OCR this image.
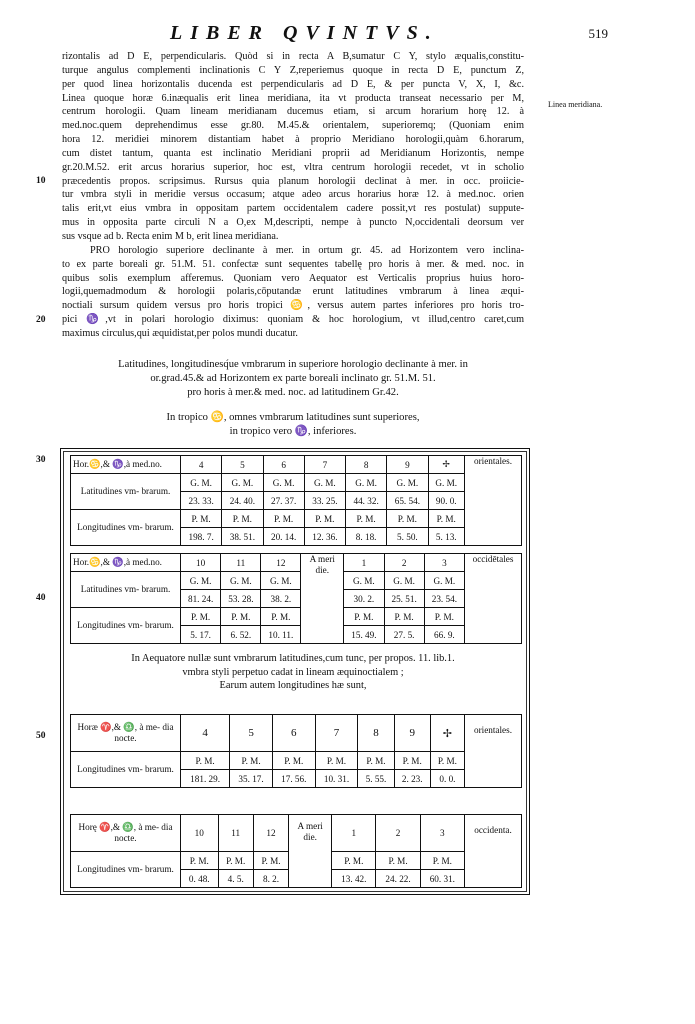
LIBER QVINTVS.	519
rizontalis ad D E, perpendicularis. Quòd si in recta A B,sumatur C Y, stylo æqualis,constitu-
turque angulus complementi inclinationis C Y Z,reperiemus quoque in recta D E, punctum Z,
per quod linea horizontalis ducenda est perpendicularis ad D E, & per puncta V, X, I, &c.
Linea quoque horæ 6.inæqualis erit linea meridiana, ita vt producta transeat necessario per M,
centrum horologii. Quam lineam meridianam ducemus etiam, si arcum horarium horę 12. à
med.noc.quem deprehendimus esse gr.80. M.45.& orientalem, superioremq; (Quoniam enim
hora 12. meridiei minorem distantiam habet à proprio Meridiano horologii,quàm 6.horarum,
cum distet tantum, quanta est inclinatio Meridiani proprii ad Meridianum Horizontis, nempe
gr.20.M.52. erit arcus horarius superior, hoc est, vltra centrum horologii recedet, vt in scholio
præcedentis propos. scripsimus. Rursus quia planum horologii declinat à mer. in occ. proiicie-
tur vmbra styli in meridie versus occasum; atque adeo arcus horarius horæ 12. à med.noc. orien
talis erit,vt eius vmbra in oppositam partem occidentalem cadere possit,vt res postulat) suppute-
mus in opposita parte circuli N a O,ex M,descripti, nempe à puncto N,occidentali deorsum ver
sus vsque ad b. Recta enim M b, erit linea meridiana.
PRO horologio superiore declinante à mer. in ortum gr. 45. ad Horizontem vero inclina-
to ex parte boreali gr. 51.M. 51. confectæ sunt sequentes tabellę pro horis à mer. & med. noc. in
quibus solis exemplum afferemus. Quoniam vero Aequator est Verticalis proprius huius horo-
logii,quemadmodum & horologii polaris,cōputandæ erunt latitudines vmbrarum à linea æqui-
noctiali sursum quidem versus pro horis tropici ♋, versus autem partes inferiores pro horis tro-
pici ♑,vt in polari horologio diximus: quoniam & hoc horologium, vt illud,centro caret,cum
maximus circulus,qui æquidistat,per polos mundi ducatur.
Linea meridiana.
10
20
30
40
50
Latitudines, longitudinesq́ue vmbrarum in superiore horologio declinante à mer. in
or.grad.45.& ad Horizontem ex parte boreali inclinato gr. 51.M. 51.
pro horis à mer.& med. noc. ad latitudinem Gr.42.
In tropico ♋, omnes vmbrarum latitudines sunt superiores,
in tropico vero ♑, inferiores.
Hor.♋,& ♑,à med.no.	4	5	6	7	8	9	✢	orientales.
Latitudines vm- brarum.	G. M.	G. M.	G. M.	G. M.	G. M.	G. M.	G. M.	
	23. 33.	24. 40.	27. 37.	33. 25.	44. 32.	65. 54.	90. 0.	
Longitudines vm- brarum.	P. M.	P. M.	P. M.	P. M.	P. M.	P. M.	P. M.	
	198. 7.	38. 51.	20. 14.	12. 36.	8. 18.	5. 50.	5. 13.	
Hor.♋,& ♑,à med.no.	10	11	12	A meri die.	1	2	3	occidētales
Latitudines vm- brarum.	G. M.	G. M.	G. M.		G. M.	G. M.	G. M.	
	81. 24.	53. 28.	38. 2.		30. 2.	25. 51.	23. 54.	
Longitudines vm- brarum.	P. M.	P. M.	P. M.		P. M.	P. M.	P. M.	
	5. 17.	6. 52.	10. 11.		15. 49.	27. 5.	66. 9.	
In Aequatore nullæ sunt vmbrarum latitudines,cum tunc, per propos. 11. lib.1.
vmbra styli perpetuo cadat in lineam æquinoctialem ;
Earum autem longitudines hæ sunt,
Horæ ♈,& ♎, à me- dia nocte.	4	5	6	7	8	9	✢	orientales.
Longitudines vm- brarum.	P. M.	P. M.	P. M.	P. M.	P. M.	P. M.	P. M.	
	181. 29.	35. 17.	17. 56.	10. 31.	5. 55.	2. 23.	0. 0.	
Horę ♈,& ♎, à me- dia nocte.	10	11	12	A meri die.	1	2	3	occidenta.
Longitudines vm- brarum.	P. M.	P. M.	P. M.		P. M.	P. M.	P. M.	
	0. 48.	4. 5.	8. 2.		13. 42.	24. 22.	60. 31.	
